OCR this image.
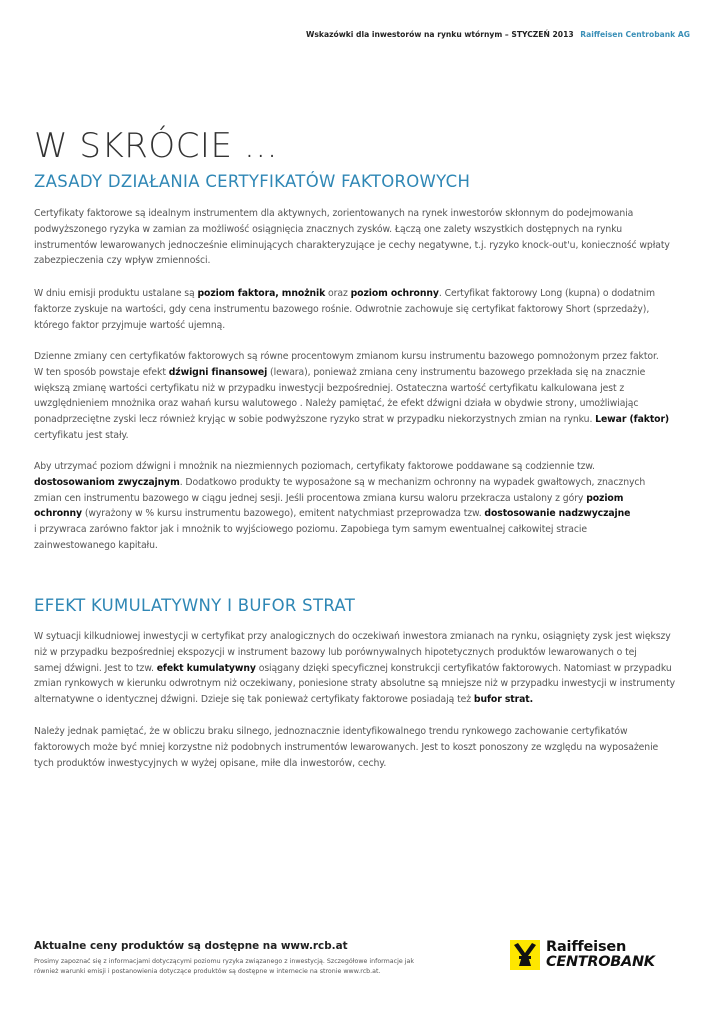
Wskazówki dla inwestorów na rynku wtórnym – STYCZEŃ 2013 Raiffeisen Centrobank AG
W SKRÓCIE …
ZASADY DZIAŁANIA CERTYFIKATÓW FAKTOROWYCH
Certyfikaty faktorowe są idealnym instrumentem dla aktywnych, zorientowanych na rynek inwestorów skłonnym do podejmowania
podwyższonego ryzyka w zamian za możliwość osiągnięcia znacznych zysków. Łączą one zalety wszystkich dostępnych na rynku
instrumentów lewarowanych jednocześnie eliminujących charakteryzujące je cechy negatywne, t.j. ryzyko knock-out'u, konieczność wpłaty
zabezpieczenia czy wpływ zmienności.
W dniu emisji produktu ustalane są poziom faktora, mnożnik oraz poziom ochronny. Certyfikat faktorowy Long (kupna) o dodatnim
faktorze zyskuje na wartości, gdy cena instrumentu bazowego rośnie. Odwrotnie zachowuje się certyfikat faktorowy Short (sprzedaży),
którego faktor przyjmuje wartość ujemną.
Dzienne zmiany cen certyfikatów faktorowych są równe procentowym zmianom kursu instrumentu bazowego pomnożonym przez faktor.
W ten sposób powstaje efekt dźwigni finansowej (lewara), ponieważ zmiana ceny instrumentu bazowego przekłada się na znacznie
większą zmianę wartości certyfikatu niż w przypadku inwestycji bezpośredniej. Ostateczna wartość certyfikatu kalkulowana jest z
uwzględnieniem mnożnika oraz wahań kursu walutowego . Należy pamiętać, że efekt dźwigni działa w obydwie strony, umożliwiając
ponadprzeciętne zyski lecz również kryjąc w sobie podwyższone ryzyko strat w przypadku niekorzystnych zmian na rynku. Lewar (faktor)
certyfikatu jest stały.
Aby utrzymać poziom dźwigni i mnożnik na niezmiennych poziomach, certyfikaty faktorowe poddawane są codziennie tzw.
dostosowaniom zwyczajnym. Dodatkowo produkty te wyposażone są w mechanizm ochronny na wypadek gwałtowych, znacznych
zmian cen instrumentu bazowego w ciągu jednej sesji. Jeśli procentowa zmiana kursu waloru przekracza ustalony z góry poziom
ochronny (wyrażony w % kursu instrumentu bazowego), emitent natychmiast przeprowadza tzw. dostosowanie nadzwyczajne
i przywraca zarówno faktor jak i mnożnik to wyjściowego poziomu. Zapobiega tym samym ewentualnej całkowitej stracie
zainwestowanego kapitału.
EFEKT KUMULATYWNY I BUFOR STRAT
W sytuacji kilkudniowej inwestycji w certyfikat przy analogicznych do oczekiwań inwestora zmianach na rynku, osiągnięty zysk jest większy
niż w przypadku bezpośredniej ekspozycji w instrument bazowy lub porównywalnych hipotetycznych produktów lewarowanych o tej
samej dźwigni. Jest to tzw. efekt kumulatywny osiągany dzięki specyficznej konstrukcji certyfikatów faktorowych. Natomiast w przypadku
zmian rynkowych w kierunku odwrotnym niż oczekiwany, poniesione straty absolutne są mniejsze niż w przypadku inwestycji w instrumenty
alternatywne o identycznej dźwigni. Dzieje się tak ponieważ certyfikaty faktorowe posiadają też bufor strat.
Należy jednak pamiętać, że w obliczu braku silnego, jednoznacznie identyfikowalnego trendu rynkowego zachowanie certyfikatów
faktorowych może być mniej korzystne niż podobnych instrumentów lewarowanych. Jest to koszt ponoszony ze względu na wyposażenie
tych produktów inwestycyjnych w wyżej opisane, miłe dla inwestorów, cechy.

Aktualne ceny produktów są dostępne na www.rcb.at

Prosimy zapoznać się z informacjami dotyczącymi poziomu ryzyka związanego z inwestycją. Szczegółowe informacje jak
również warunki emisji i postanowienia dotyczące produktów są dostępne w internecie na stronie www.rcb.at.

Raiffeisen
CENTROBANK
